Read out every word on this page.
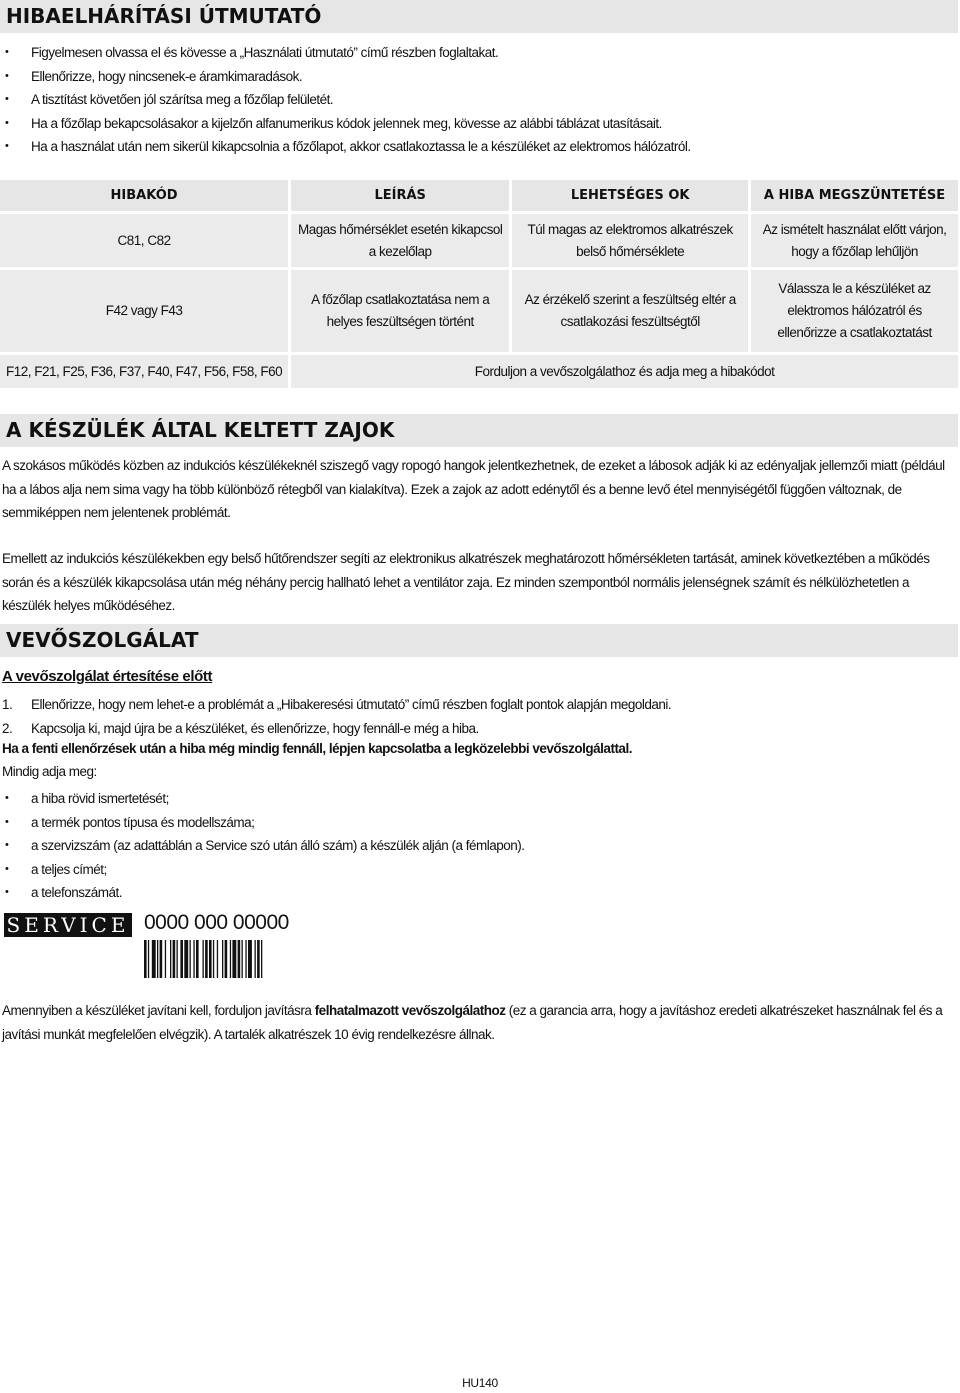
HIBAELHÁRÍTÁSI ÚTMUTATÓ
• Figyelmesen olvassa el és kövesse a „Használati útmutató” című részben foglaltakat.
• Ellenőrizze, hogy nincsenek-e áramkimaradások.
• A tisztítást követően jól szárítsa meg a főzőlap felületét.
• Ha a főzőlap bekapcsolásakor a kijelzőn alfanumerikus kódok jelennek meg, kövesse az alábbi táblázat utasításait.
• Ha a használat után nem sikerül kikapcsolnia a főzőlapot, akkor csatlakoztassa le a készüléket az elektromos hálózatról.
HIBAKÓD	LEÍRÁS	LEHETSÉGES OK	A HIBA MEGSZÜNTETÉSE
C81, C82	Magas hőmérséklet esetén kikapcsol a kezelőlap	Túl magas az elektromos alkatrészek belső hőmérséklete	Az ismételt használat előtt várjon, hogy a főzőlap lehűljön
F42 vagy F43	A főzőlap csatlakoztatása nem a helyes feszültségen történt	Az érzékelő szerint a feszültség eltér a csatlakozási feszültségtől	Válassza le a készüléket az elektromos hálózatról és ellenőrizze a csatlakoztatást
F12, F21, F25, F36, F37, F40, F47, F56, F58, F60	Forduljon a vevőszolgálathoz és adja meg a hibakódot		
A KÉSZÜLÉK ÁLTAL KELTETT ZAJOK

A szokásos működés közben az indukciós készülékeknél sziszegő vagy ropogó hangok jelentkezhetnek, de ezeket a lábosok adják ki az edényaljak jellemzői miatt (például ha a lábos alja nem sima vagy ha több különböző rétegből van kialakítva). Ezek a zajok az adott edénytől és a benne levő étel mennyiségétől függően változnak, de semmiképpen nem jelentenek problémát.

Emellett az indukciós készülékekben egy belső hűtőrendszer segíti az elektronikus alkatrészek meghatározott hőmérsékleten tartását, aminek következtében a működés során és a készülék kikapcsolása után még néhány percig hallható lehet a ventilátor zaja. Ez minden szempontból normális jelenségnek számít és nélkülözhetetlen a készülék helyes működéséhez.

VEVŐSZOLGÁLAT
A vevőszolgálat értesítése előtt
1. Ellenőrizze, hogy nem lehet-e a problémát a „Hibakeresési útmutató” című részben foglalt pontok alapján megoldani.
2. Kapcsolja ki, majd újra be a készüléket, és ellenőrizze, hogy fennáll-e még a hiba.
Ha a fenti ellenőrzések után a hiba még mindig fennáll, lépjen kapcsolatba a legközelebbi vevőszolgálattal.
Mindig adja meg:
• a hiba rövid ismertetését;
• a termék pontos típusa és modellszáma;
• a szervizszám (az adattáblán a Service szó után álló szám) a készülék alján (a fémlapon).
• a teljes címét;
• a telefonszámát.
SERVICE 0000 000 00000

Amennyiben a készüléket javítani kell, forduljon javításra felhatalmazott vevőszolgálathoz (ez a garancia arra, hogy a javításhoz eredeti alkatrészeket használnak fel és a javítási munkát megfelelően elvégzik). A tartalék alkatrészek 10 évig rendelkezésre állnak.

HU140
